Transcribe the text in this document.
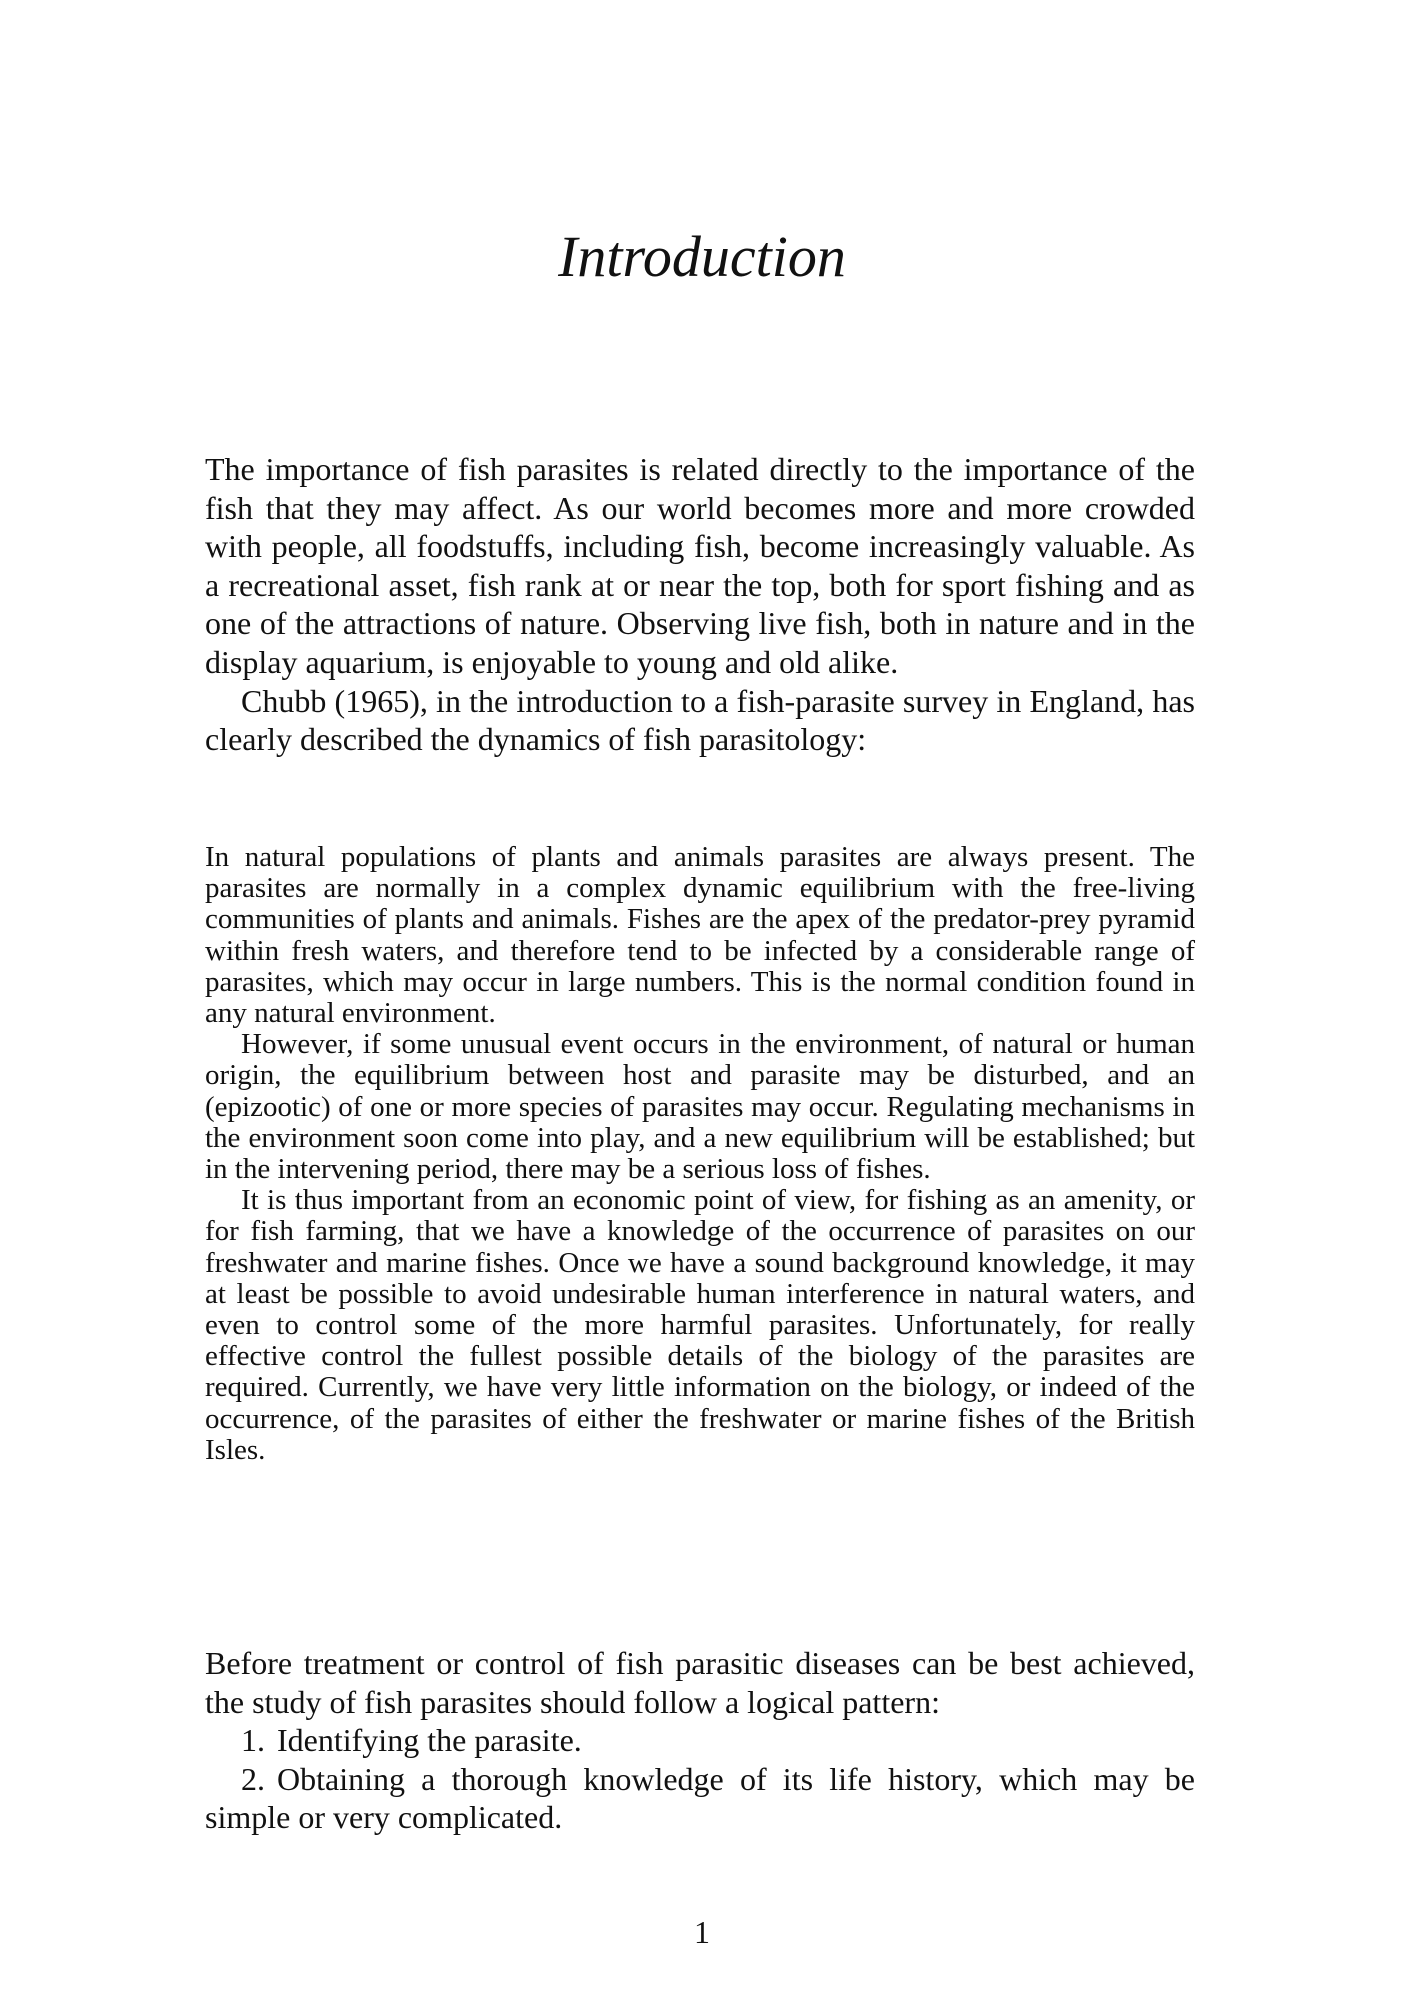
Introduction

The importance of fish parasites is related directly to the importance of the fish that they may affect. As our world becomes more and more crowded with people, all foodstuffs, including fish, become increasingly valuable. As a recreational asset, fish rank at or near the top, both for sport fishing and as one of the attractions of nature. Observing live fish, both in nature and in the display aquarium, is enjoyable to young and old alike.

Chubb (1965), in the introduction to a fish-parasite survey in England, has clearly described the dynamics of fish parasitology:

In natural populations of plants and animals parasites are always present. The parasites are normally in a complex dynamic equilibrium with the free-living communities of plants and animals. Fishes are the apex of the predator-prey pyramid within fresh waters, and therefore tend to be infected by a considerable range of parasites, which may occur in large numbers. This is the normal condition found in any natural environment.

However, if some unusual event occurs in the environment, of natural or human origin, the equilibrium between host and parasite may be disturbed, and an (epizootic) of one or more species of parasites may occur. Regulating mechanisms in the environment soon come into play, and a new equilibrium will be established; but in the intervening period, there may be a serious loss of fishes.

It is thus important from an economic point of view, for fishing as an amenity, or for fish farming, that we have a knowledge of the occurrence of parasites on our freshwater and marine fishes. Once we have a sound background knowledge, it may at least be possible to avoid undesirable human interference in natural waters, and even to control some of the more harmful parasites. Unfortunately, for really effective control the fullest possible details of the biology of the parasites are required. Currently, we have very little information on the biology, or indeed of the occurrence, of the parasites of either the freshwater or marine fishes of the British Isles.

Before treatment or control of fish parasitic diseases can be best achieved, the study of fish parasites should follow a logical pattern:

1. Identifying the parasite.
2. Obtaining a thorough knowledge of its life history, which may be simple or very complicated.
1
